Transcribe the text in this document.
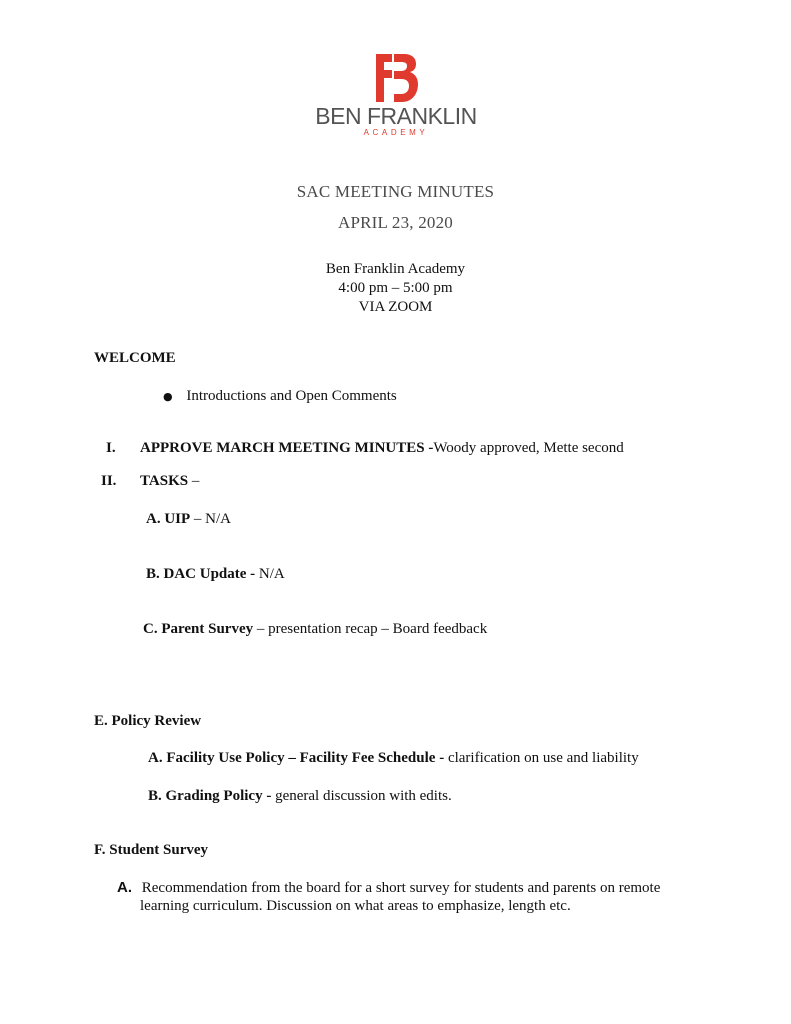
BEN FRANKLIN
ACADEMY
SAC MEETING MINUTES
APRIL 23, 2020
Ben Franklin Academy
4:00 pm – 5:00 pm
VIA ZOOM
WELCOME
● Introductions and Open Comments
I. APPROVE MARCH MEETING MINUTES -Woody approved, Mette second
II. TASKS –
A. UIP – N/A
B. DAC Update - N/A
C. Parent Survey – presentation recap – Board feedback
E. Policy Review
A. Facility Use Policy – Facility Fee Schedule - clarification on use and liability
B. Grading Policy - general discussion with edits.
F. Student Survey
A. Recommendation from the board for a short survey for students and parents on remote
learning curriculum. Discussion on what areas to emphasize, length etc.
